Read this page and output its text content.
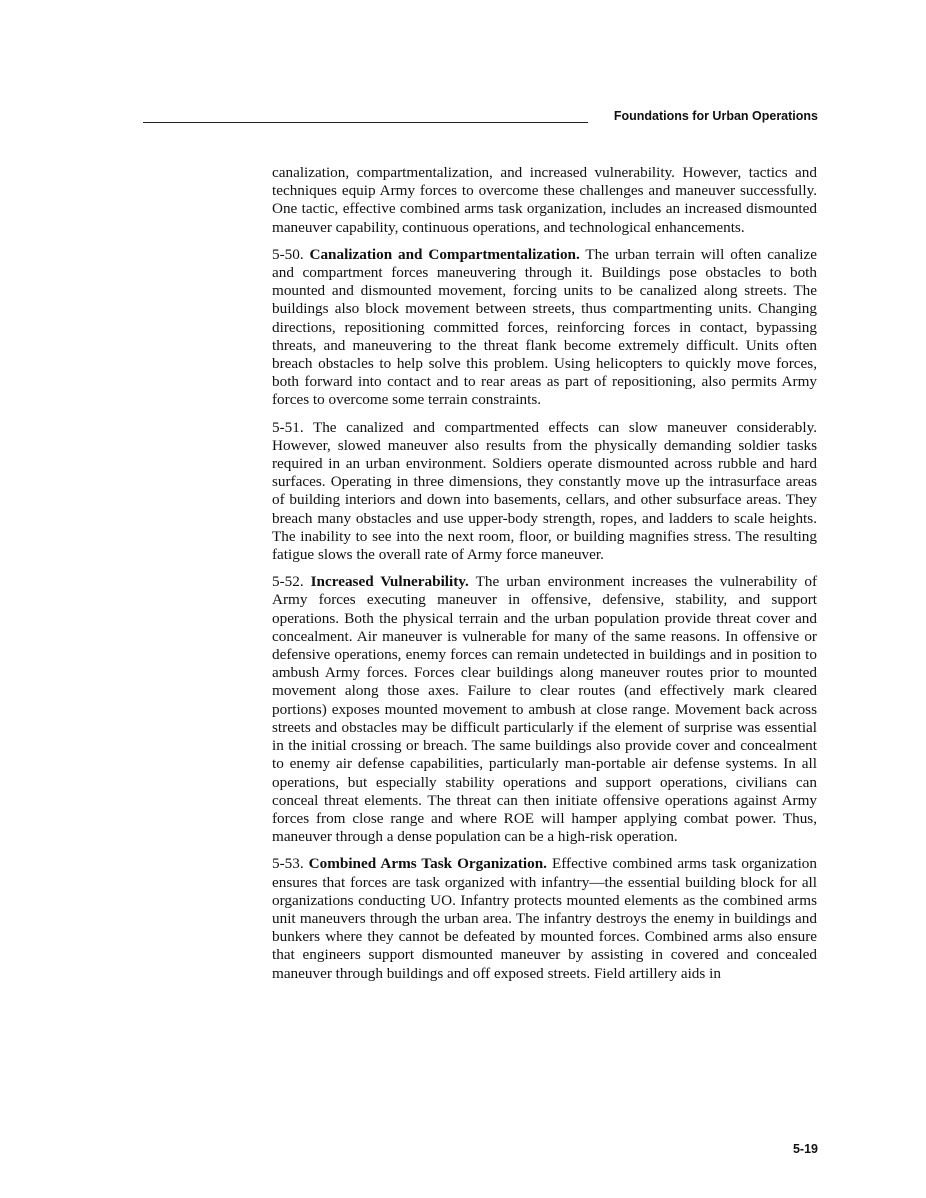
Foundations for Urban Operations

canalization, compartmentalization, and increased vulnerability. However, tactics and techniques equip Army forces to overcome these challenges and maneuver successfully. One tactic, effective combined arms task organization, includes an increased dismounted maneuver capability, continuous operations, and technological enhancements.

5-50. Canalization and Compartmentalization. The urban terrain will often canalize and compartment forces maneuvering through it. Buildings pose obstacles to both mounted and dismounted movement, forcing units to be canalized along streets. The buildings also block movement between streets, thus compartmenting units. Changing directions, repositioning committed forces, reinforcing forces in contact, bypassing threats, and maneuvering to the threat flank become extremely difficult. Units often breach obstacles to help solve this problem. Using helicopters to quickly move forces, both forward into contact and to rear areas as part of repositioning, also permits Army forces to overcome some terrain constraints.

5-51. The canalized and compartmented effects can slow maneuver considerably. However, slowed maneuver also results from the physically demanding soldier tasks required in an urban environment. Soldiers operate dismounted across rubble and hard surfaces. Operating in three dimensions, they constantly move up the intrasurface areas of building interiors and down into basements, cellars, and other subsurface areas. They breach many obstacles and use upper-body strength, ropes, and ladders to scale heights. The inability to see into the next room, floor, or building magnifies stress. The resulting fatigue slows the overall rate of Army force maneuver.

5-52. Increased Vulnerability. The urban environment increases the vulnerability of Army forces executing maneuver in offensive, defensive, stability, and support operations. Both the physical terrain and the urban population provide threat cover and concealment. Air maneuver is vulnerable for many of the same reasons. In offensive or defensive operations, enemy forces can remain undetected in buildings and in position to ambush Army forces. Forces clear buildings along maneuver routes prior to mounted movement along those axes. Failure to clear routes (and effectively mark cleared portions) exposes mounted movement to ambush at close range. Movement back across streets and obstacles may be difficult particularly if the element of surprise was essential in the initial crossing or breach. The same buildings also provide cover and concealment to enemy air defense capabilities, particularly man-portable air defense systems. In all operations, but especially stability operations and support operations, civilians can conceal threat elements. The threat can then initiate offensive operations against Army forces from close range and where ROE will hamper applying combat power. Thus, maneuver through a dense population can be a high-risk operation.

5-53. Combined Arms Task Organization. Effective combined arms task organization ensures that forces are task organized with infantry—the essential building block for all organizations conducting UO. Infantry protects mounted elements as the combined arms unit maneuvers through the urban area. The infantry destroys the enemy in buildings and bunkers where they cannot be defeated by mounted forces. Combined arms also ensure that engineers support dismounted maneuver by assisting in covered and concealed maneuver through buildings and off exposed streets. Field artillery aids in

5-19
